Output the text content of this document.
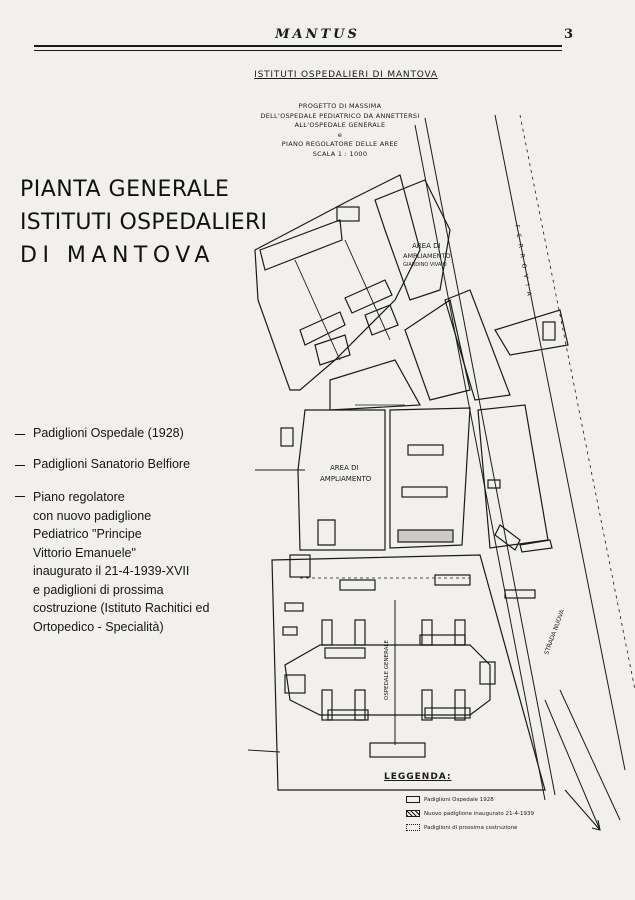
MANTUS	3
PIANTA GENERALE
ISTITUTI OSPEDALIERI
DI MANTOVA
Padiglioni Ospedale (1928)
Padiglioni Sanatorio Belfiore
Piano regolatore
con nuovo padiglione
Pediatrico "Principe
Vittorio Emanuele"
inaugurato il 21-4-1939-XVII
e padiglioni di prossima
costruzione (Istituto Rachitici ed
Ortopedico - Specialità)
ISTITUTI OSPEDALIERI DI MANTOVA
PROGETTO DI MASSIMA
DELL'OSPEDALE PEDIATRICO DA ANNETTERSI
ALL'OSPEDALE GENERALE
e
PIANO REGOLATORE DELLE AREE
SCALA 1 : 1000
AREA DI
AMPLIAMENTO
GIARDINO VIVAIO
AREA DI
AMPLIAMENTO
OSPEDALE GENERALE
STRADA NUOVA
FERROVIA
LEGGENDA:
Padiglioni Ospedale 1928
Nuovo padiglione inaugurato 21-4-1939
Padiglioni di prossima costruzione
